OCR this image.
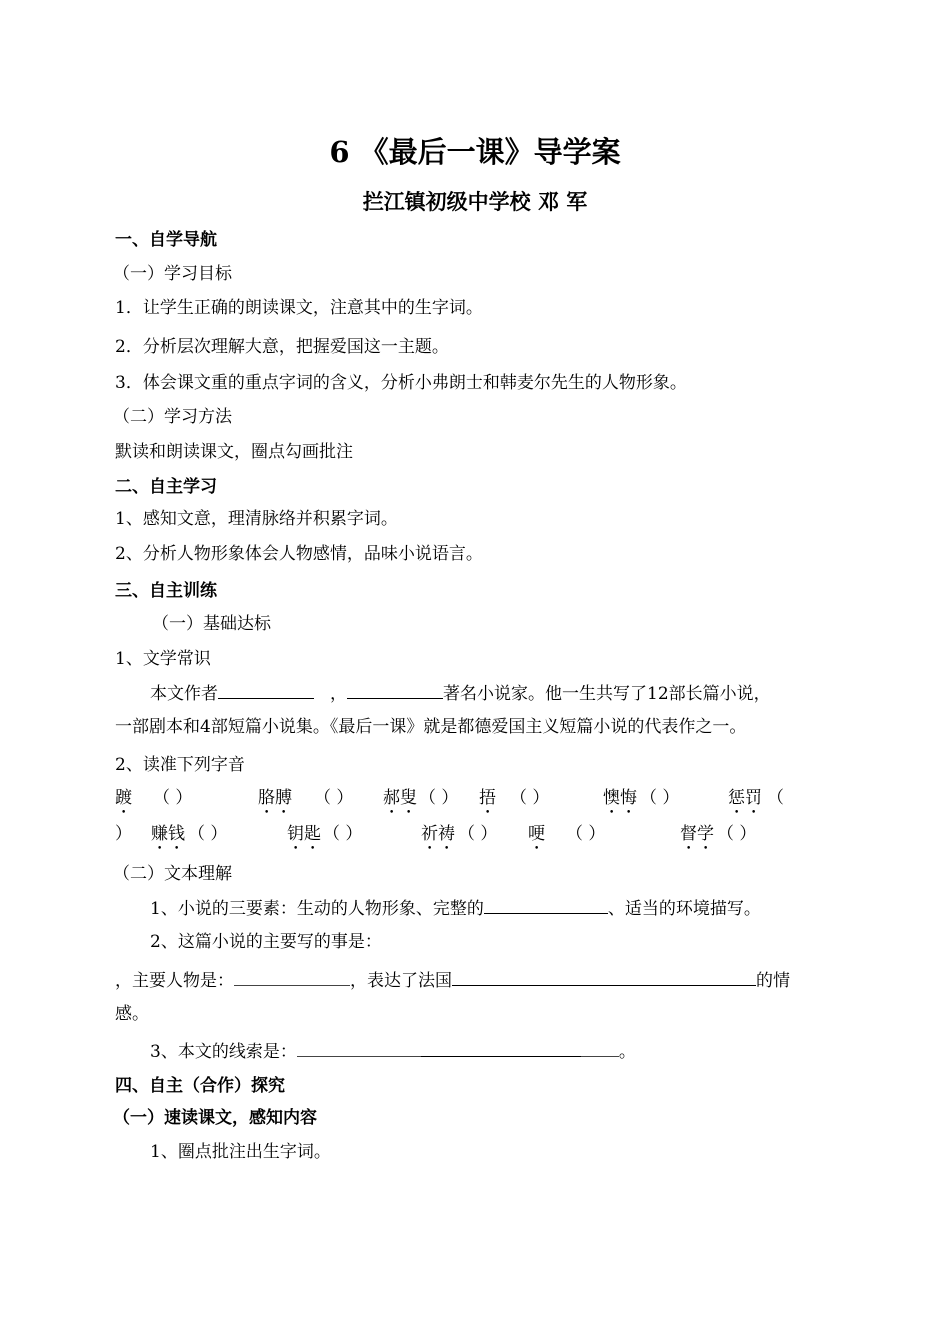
6 《最后一课》导学案
拦江镇初级中学校 邓 军
一、自学导航
（一）学习目标
1．让学生正确的朗读课文，注意其中的生字词。
2．分析层次理解大意，把握爱国这一主题。
3．体会课文重的重点字词的含义，分析小弗朗士和韩麦尔先生的人物形象。
（二）学习方法
默读和朗读课文，圈点勾画批注
二、自主学习
1、感知文意，理清脉络并积累字词。
2、分析人物形象体会人物感情，品味小说语言。
三、自主训练
（一）基础达标
1、文学常识
本文作者	，	著名小说家。他一生共写了12部长篇小说，
一部剧本和4部短篇小说集。《最后一课》就是都德爱国主义短篇小说的代表作之一。
2、读准下列字音
踱 （ ）	胳膊 （ ） 郝叟 （ ） 捂 （ ）	懊悔 （ ）	惩罚 （
） 赚钱 （ ）	钥匙 （ ）	祈祷 （ ） 哽 （ ）	督学 （ ）
（二）文本理解
1、小说的三要素：生动的人物形象、完整的	、适当的环境描写。
2、这篇小说的主要写的事是：
，主要人物是：	，表达了法国	的情
感。
3、本文的线索是：	。
四、自主（合作）探究
（一）速读课文，感知内容
1、圈点批注出生字词。
